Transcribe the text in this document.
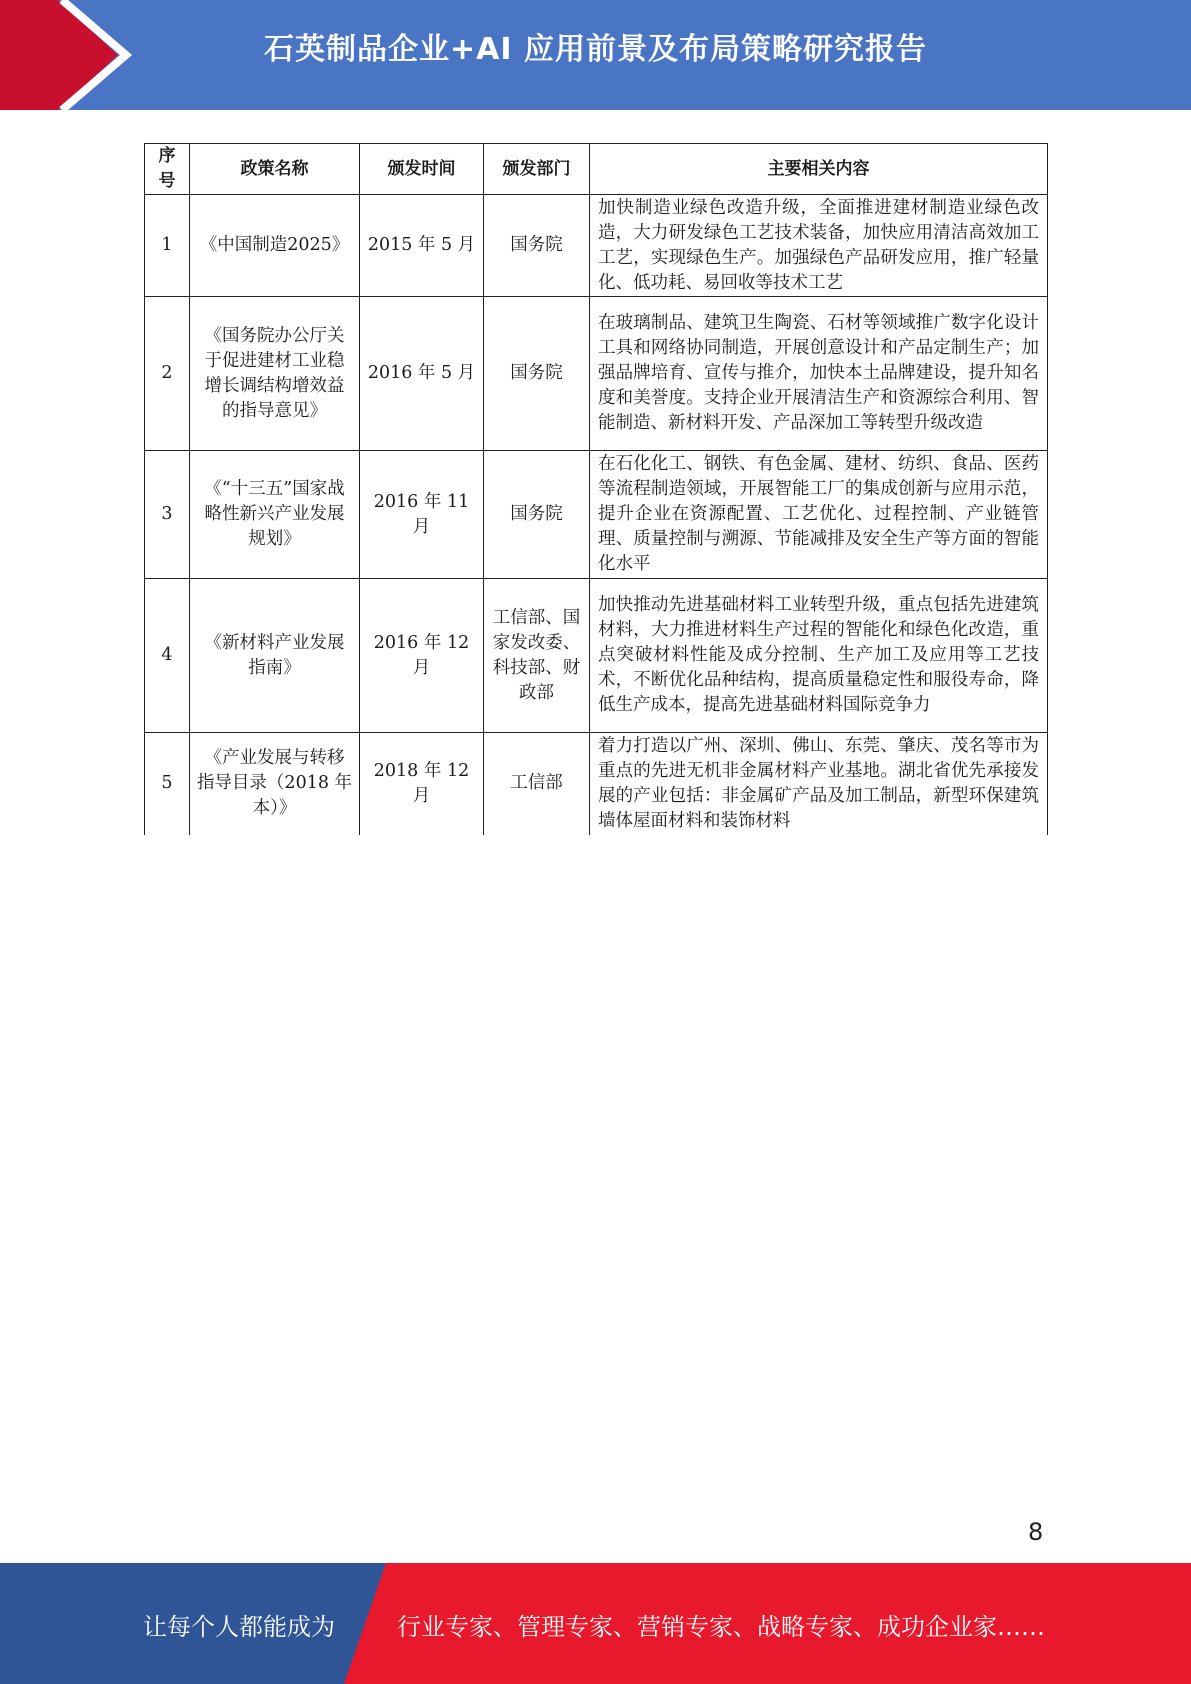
石英制品企业+AI 应用前景及布局策略研究报告
序号	政策名称	颁发时间	颁发部门	主要相关内容
1	《中国制造2025》	2015 年 5 月	国务院	加快制造业绿色改造升级，全面推进建材制造业绿色改造，大力研发绿色工艺技术装备，加快应用清洁高效加工工艺，实现绿色生产。加强绿色产品研发应用，推广轻量化、低功耗、易回收等技术工艺
2	《国务院办公厅关于促进建材工业稳增长调结构增效益的指导意见》	2016 年 5 月	国务院	在玻璃制品、建筑卫生陶瓷、石材等领域推广数字化设计工具和网络协同制造，开展创意设计和产品定制生产；加强品牌培育、宣传与推介，加快本土品牌建设，提升知名度和美誉度。支持企业开展清洁生产和资源综合利用、智能制造、新材料开发、产品深加工等转型升级改造
3	《“十三五”国家战略性新兴产业发展规划》	2016 年 11 月	国务院	在石化化工、钢铁、有色金属、建材、纺织、食品、医药等流程制造领域，开展智能工厂的集成创新与应用示范，提升企业在资源配置、工艺优化、过程控制、产业链管理、质量控制与溯源、节能减排及安全生产等方面的智能化水平
4	《新材料产业发展指南》	2016 年 12 月	工信部、国家发改委、科技部、财政部	加快推动先进基础材料工业转型升级，重点包括先进建筑材料，大力推进材料生产过程的智能化和绿色化改造，重点突破材料性能及成分控制、生产加工及应用等工艺技术，不断优化品种结构，提高质量稳定性和服役寿命，降低生产成本，提高先进基础材料国际竞争力
5	《产业发展与转移指导目录（2018 年本）》	2018 年 12 月	工信部	着力打造以广州、深圳、佛山、东莞、肇庆、茂名等市为重点的先进无机非金属材料产业基地。湖北省优先承接发展的产业包括：非金属矿产品及加工制品，新型环保建筑墙体屋面材料和装饰材料
8
让每个人都能成为	行业专家、管理专家、营销专家、战略专家、成功企业家……
